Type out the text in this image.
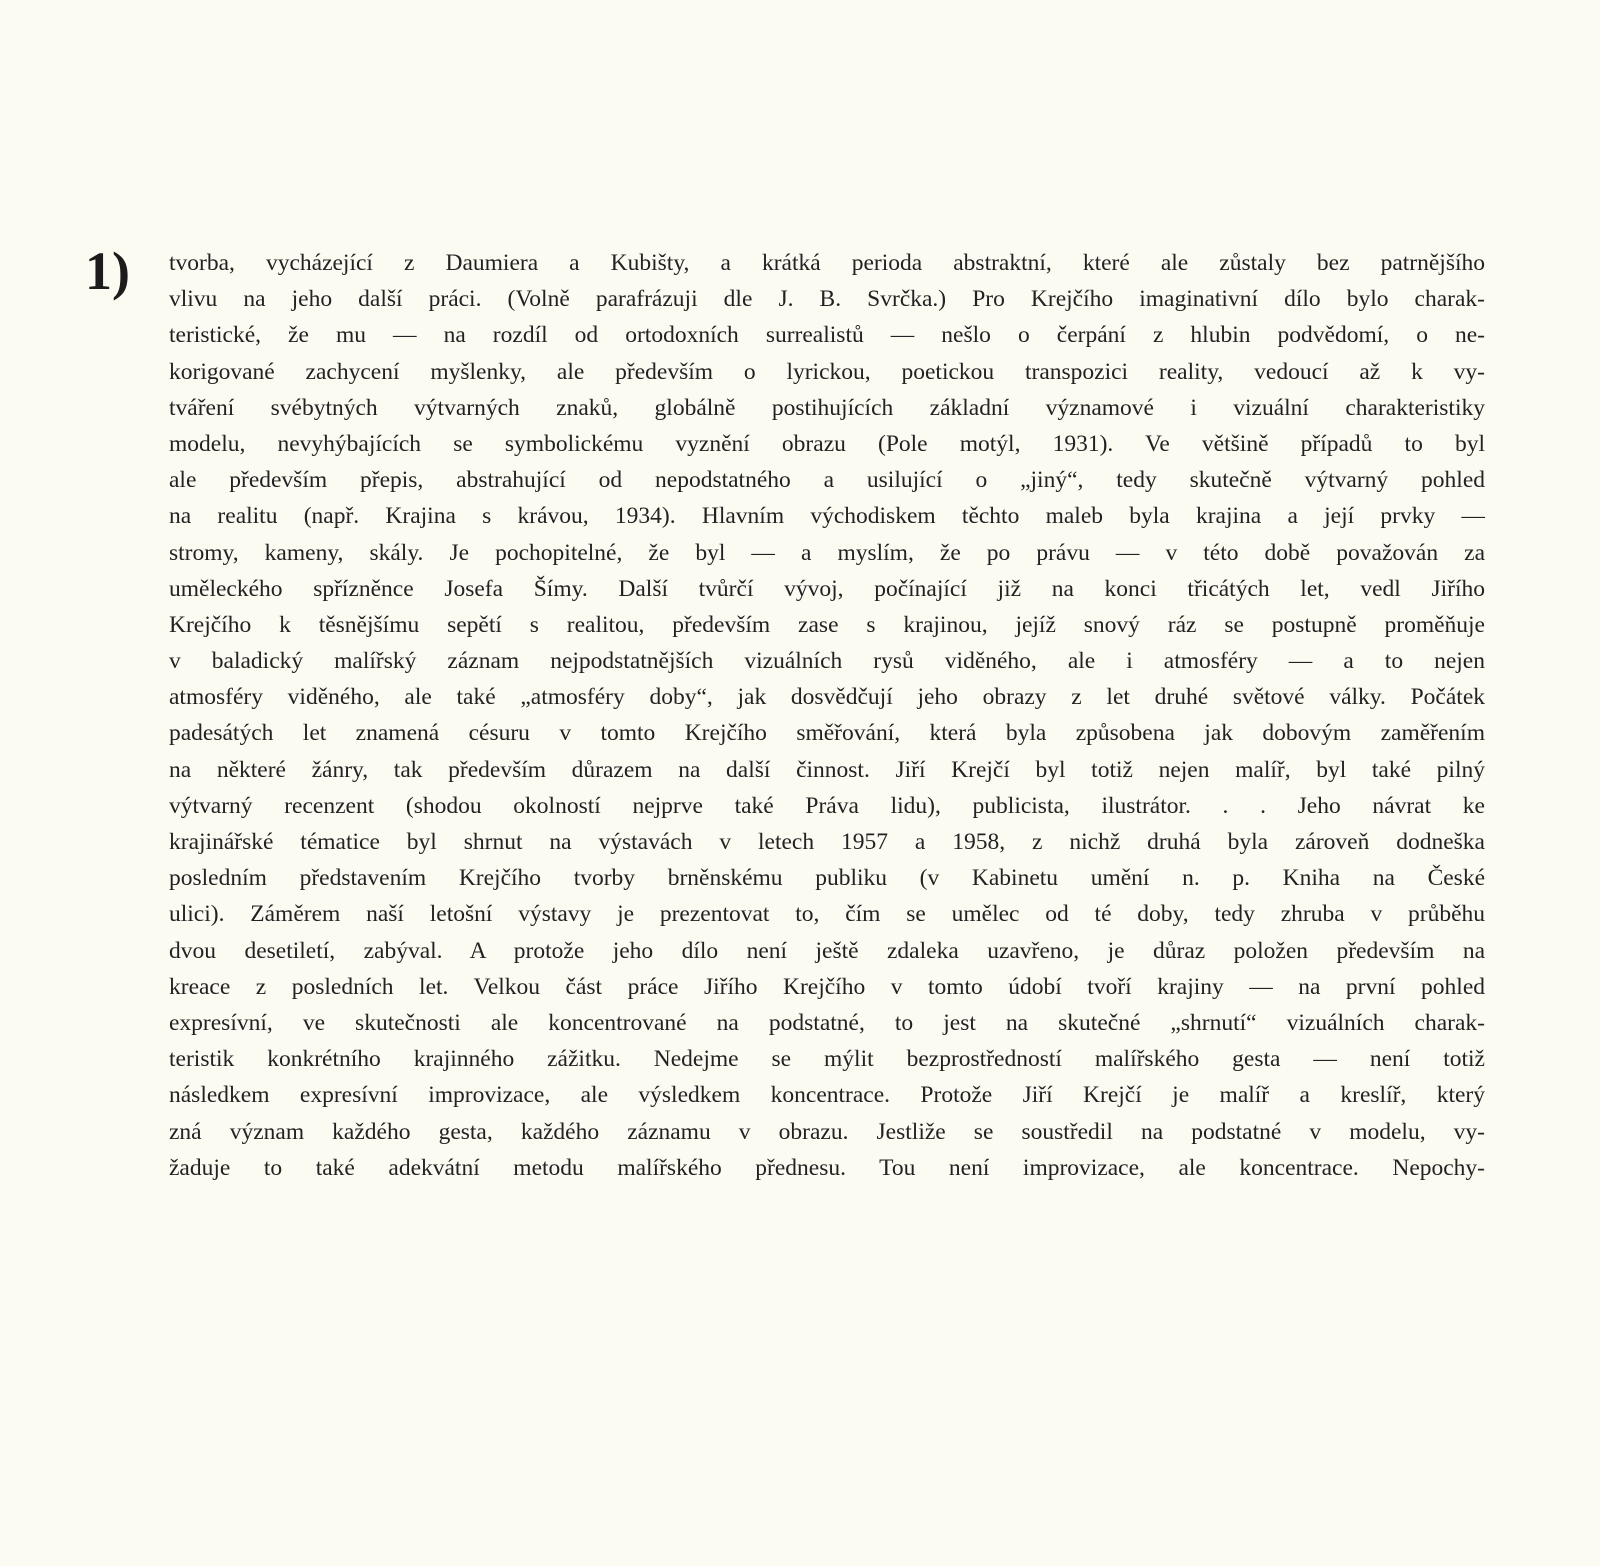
1) tvorba, vycházející z Daumiera a Kubišty, a krátká perioda abstraktní, které ale zůstaly bez patrnějšího
vlivu na jeho další práci. (Volně parafrázuji dle J. B. Svrčka.) Pro Krejčího imaginativní dílo bylo charak-
teristické, že mu — na rozdíl od ortodoxních surrealistů — nešlo o čerpání z hlubin podvědomí, o ne-
korigované zachycení myšlenky, ale především o lyrickou, poetickou transpozici reality, vedoucí až k vy-
tváření svébytných výtvarných znaků, globálně postihujících základní významové i vizuální charakteristiky
modelu, nevyhýbajících se symbolickému vyznění obrazu (Pole motýl, 1931). Ve většině případů to byl
ale především přepis, abstrahující od nepodstatného a usilující o „jiný“, tedy skutečně výtvarný pohled
na realitu (např. Krajina s krávou, 1934). Hlavním východiskem těchto maleb byla krajina a její prvky —
stromy, kameny, skály. Je pochopitelné, že byl — a myslím, že po právu — v této době považován za
uměleckého spřízněnce Josefa Šímy. Další tvůrčí vývoj, počínající již na konci třicátých let, vedl Jiřího
Krejčího k těsnějšímu sepětí s realitou, především zase s krajinou, jejíž snový ráz se postupně proměňuje
v baladický malířský záznam nejpodstatnějších vizuálních rysů viděného, ale i atmosféry — a to nejen
atmosféry viděného, ale také „atmosféry doby“, jak dosvědčují jeho obrazy z let druhé světové války. Počátek
padesátých let znamená césuru v tomto Krejčího směřování, která byla způsobena jak dobovým zaměřením
na některé žánry, tak především důrazem na další činnost. Jiří Krejčí byl totiž nejen malíř, byl také pilný
výtvarný recenzent (shodou okolností nejprve také Práva lidu), publicista, ilustrátor. . . Jeho návrat ke
krajinářské tématice byl shrnut na výstavách v letech 1957 a 1958, z nichž druhá byla zároveň dodneška
posledním představením Krejčího tvorby brněnskému publiku (v Kabinetu umění n. p. Kniha na České
ulici). Záměrem naší letošní výstavy je prezentovat to, čím se umělec od té doby, tedy zhruba v průběhu
dvou desetiletí, zabýval. A protože jeho dílo není ještě zdaleka uzavřeno, je důraz položen především na
kreace z posledních let. Velkou část práce Jiřího Krejčího v tomto údobí tvoří krajiny — na první pohled
expresívní, ve skutečnosti ale koncentrované na podstatné, to jest na skutečné „shrnutí“ vizuálních charak-
teristik konkrétního krajinného zážitku. Nedejme se mýlit bezprostředností malířského gesta — není totiž
následkem expresívní improvizace, ale výsledkem koncentrace. Protože Jiří Krejčí je malíř a kreslíř, který
zná význam každého gesta, každého záznamu v obrazu. Jestliže se soustředil na podstatné v modelu, vy-
žaduje to také adekvátní metodu malířského přednesu. Tou není improvizace, ale koncentrace. Nepochy-
